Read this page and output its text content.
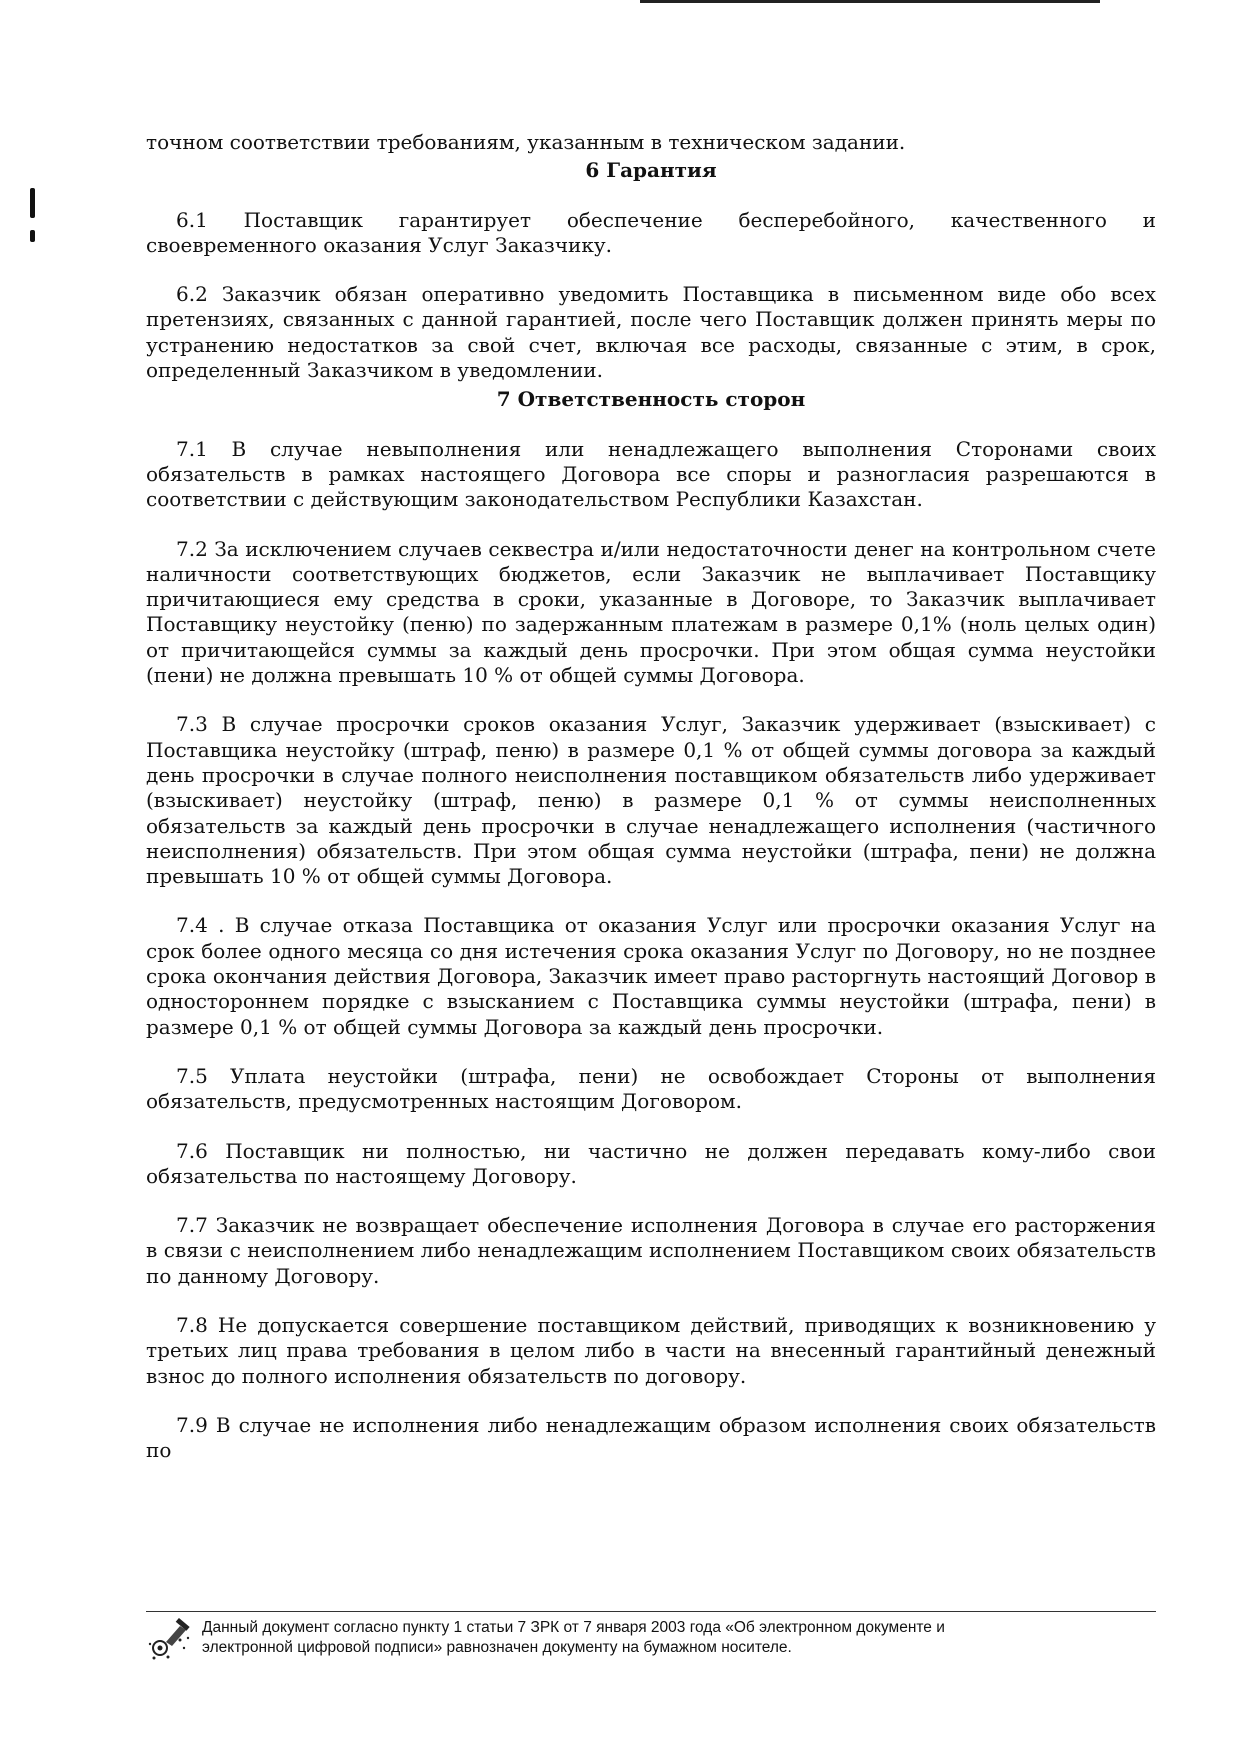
точном соответствии требованиям, указанным в техническом задании.

6 Гарантия

6.1 Поставщик гарантирует обеспечение бесперебойного, качественного и своевременного оказания Услуг Заказчику.

6.2 Заказчик обязан оперативно уведомить Поставщика в письменном виде обо всех претензиях, связанных с данной гарантией, после чего Поставщик должен принять меры по устранению недостатков за свой счет, включая все расходы, связанные с этим, в срок, определенный Заказчиком в уведомлении.

7 Ответственность сторон

7.1 В случае невыполнения или ненадлежащего выполнения Сторонами своих обязательств в рамках настоящего Договора все споры и разногласия разрешаются в соответствии с действующим законодательством Республики Казахстан.

7.2 За исключением случаев секвестра и/или недостаточности денег на контрольном счете наличности соответствующих бюджетов, если Заказчик не выплачивает Поставщику причитающиеся ему средства в сроки, указанные в Договоре, то Заказчик выплачивает Поставщику неустойку (пеню) по задержанным платежам в размере 0,1% (ноль целых один) от причитающейся суммы за каждый день просрочки. При этом общая сумма неустойки (пени) не должна превышать 10 % от общей суммы Договора.

7.3 В случае просрочки сроков оказания Услуг, Заказчик удерживает (взыскивает) с Поставщика неустойку (штраф, пеню) в размере 0,1 % от общей суммы договора за каждый день просрочки в случае полного неисполнения поставщиком обязательств либо удерживает (взыскивает) неустойку (штраф, пеню) в размере 0,1 % от суммы неисполненных обязательств за каждый день просрочки в случае ненадлежащего исполнения (частичного неисполнения) обязательств. При этом общая сумма неустойки (штрафа, пени) не должна превышать 10 % от общей суммы Договора.

7.4 . В случае отказа Поставщика от оказания Услуг или просрочки оказания Услуг на срок более одного месяца со дня истечения срока оказания Услуг по Договору, но не позднее срока окончания действия Договора, Заказчик имеет право расторгнуть настоящий Договор в одностороннем порядке с взысканием с Поставщика суммы неустойки (штрафа, пени) в размере 0,1 % от общей суммы Договора за каждый день просрочки.

7.5 Уплата неустойки (штрафа, пени) не освобождает Стороны от выполнения обязательств, предусмотренных настоящим Договором.

7.6 Поставщик ни полностью, ни частично не должен передавать кому-либо свои обязательства по настоящему Договору.

7.7 Заказчик не возвращает обеспечение исполнения Договора в случае его расторжения в связи с неисполнением либо ненадлежащим исполнением Поставщиком своих обязательств по данному Договору.

7.8 Не допускается совершение поставщиком действий, приводящих к возникновению у третьих лиц права требования в целом либо в части на внесенный гарантийный денежный взнос до полного исполнения обязательств по договору.

7.9 В случае не исполнения либо ненадлежащим образом исполнения своих обязательств по

Данный документ согласно пункту 1 статьи 7 ЗРК от 7 января 2003 года «Об электронном документе и
электронной цифровой подписи» равнозначен документу на бумажном носителе.
